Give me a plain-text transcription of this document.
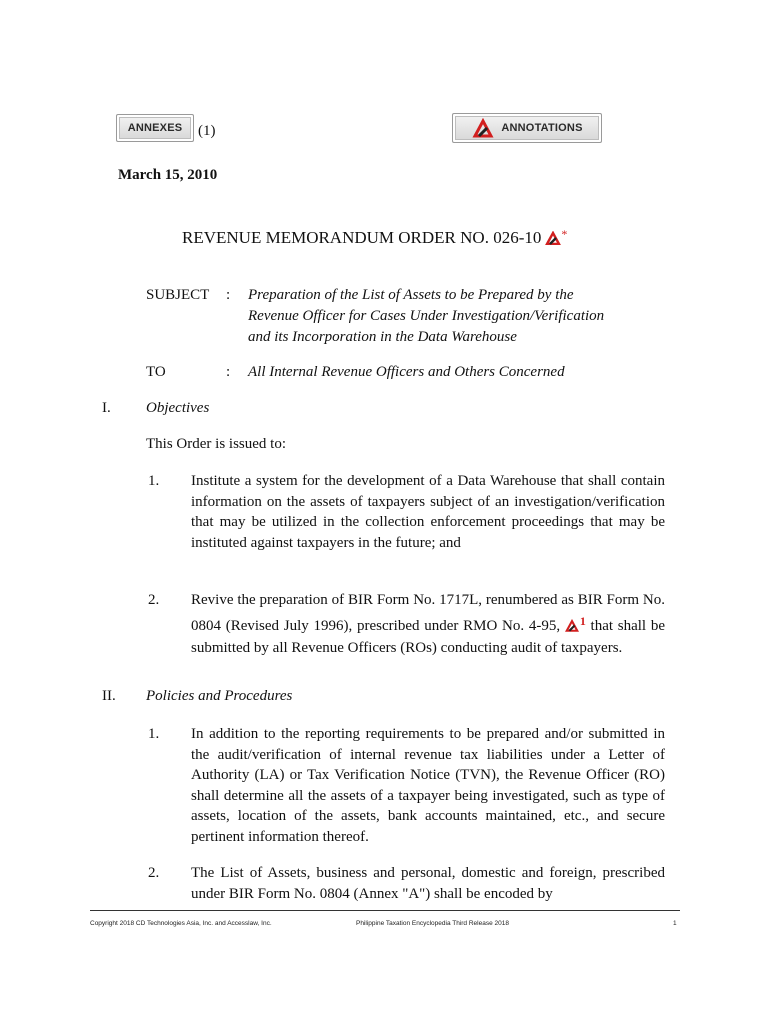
ANNEXES (1)	ANNOTATIONS
March 15, 2010
REVENUE MEMORANDUM ORDER NO. 026-10 *
SUBJECT : Preparation of the List of Assets to be Prepared by the
Revenue Officer for Cases Under Investigation/Verification
and its Incorporation in the Data Warehouse
TO	: All Internal Revenue Officers and Others Concerned
I. Objectives
This Order is issued to:
1. Institute a system for the development of a Data Warehouse that shall contain information on the assets of taxpayers subject of an investigation/verification that may be utilized in the collection enforcement proceedings that may be instituted against taxpayers in the future; and
2. Revive the preparation of BIR Form No. 1717L, renumbered as BIR Form No. 0804 (Revised July 1996), prescribed under RMO No. 4-95, $^1$ that shall be submitted by all Revenue Officers (ROs) conducting audit of taxpayers.
II. Policies and Procedures
1. In addition to the reporting requirements to be prepared and/or submitted in the audit/verification of internal revenue tax liabilities under a Letter of Authority (LA) or Tax Verification Notice (TVN), the Revenue Officer (RO) shall determine all the assets of a taxpayer being investigated, such as type of assets, location of the assets, bank accounts maintained, etc., and secure pertinent information thereof.
2. The List of Assets, business and personal, domestic and foreign, prescribed under BIR Form No. 0804 (Annex "A") shall be encoded by
Copyright 2018 CD Technologies Asia, Inc. and Accesslaw, Inc.	Philippine Taxation Encyclopedia Third Release 2018	1
